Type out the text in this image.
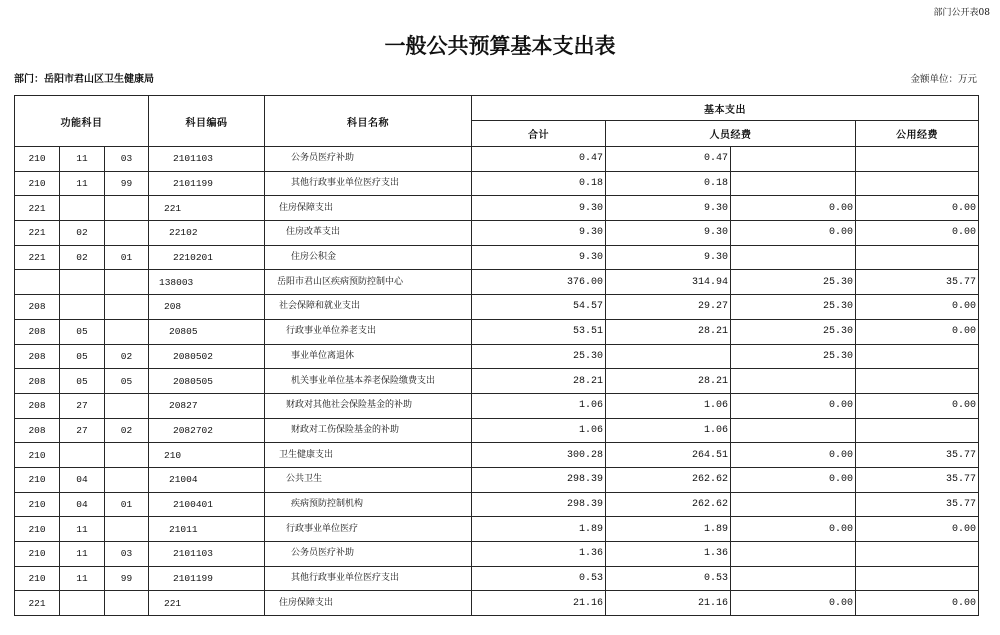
部门公开表08
一般公共预算基本支出表
部门：岳阳市君山区卫生健康局	金额单位：万元
功能科目			科目编码	科目名称	基本支出			
					合计	人员经费		公用经费
210	11	03	2101103	公务员医疗补助	0.47	0.47		
210	11	99	2101199	其他行政事业单位医疗支出	0.18	0.18		
221			221	住房保障支出	9.30	9.30	0.00	0.00
221	02		22102	住房改革支出	9.30	9.30	0.00	0.00
221	02	01	2210201	住房公积金	9.30	9.30		
			138003	岳阳市君山区疾病预防控制中心	376.00	314.94	25.30	35.77
208			208	社会保障和就业支出	54.57	29.27	25.30	0.00
208	05		20805	行政事业单位养老支出	53.51	28.21	25.30	0.00
208	05	02	2080502	事业单位离退休	25.30		25.30	
208	05	05	2080505	机关事业单位基本养老保险缴费支出	28.21	28.21		
208	27		20827	财政对其他社会保险基金的补助	1.06	1.06	0.00	0.00
208	27	02	2082702	财政对工伤保险基金的补助	1.06	1.06		
210			210	卫生健康支出	300.28	264.51	0.00	35.77
210	04		21004	公共卫生	298.39	262.62	0.00	35.77
210	04	01	2100401	疾病预防控制机构	298.39	262.62		35.77
210	11		21011	行政事业单位医疗	1.89	1.89	0.00	0.00
210	11	03	2101103	公务员医疗补助	1.36	1.36		
210	11	99	2101199	其他行政事业单位医疗支出	0.53	0.53		
221			221	住房保障支出	21.16	21.16	0.00	0.00
